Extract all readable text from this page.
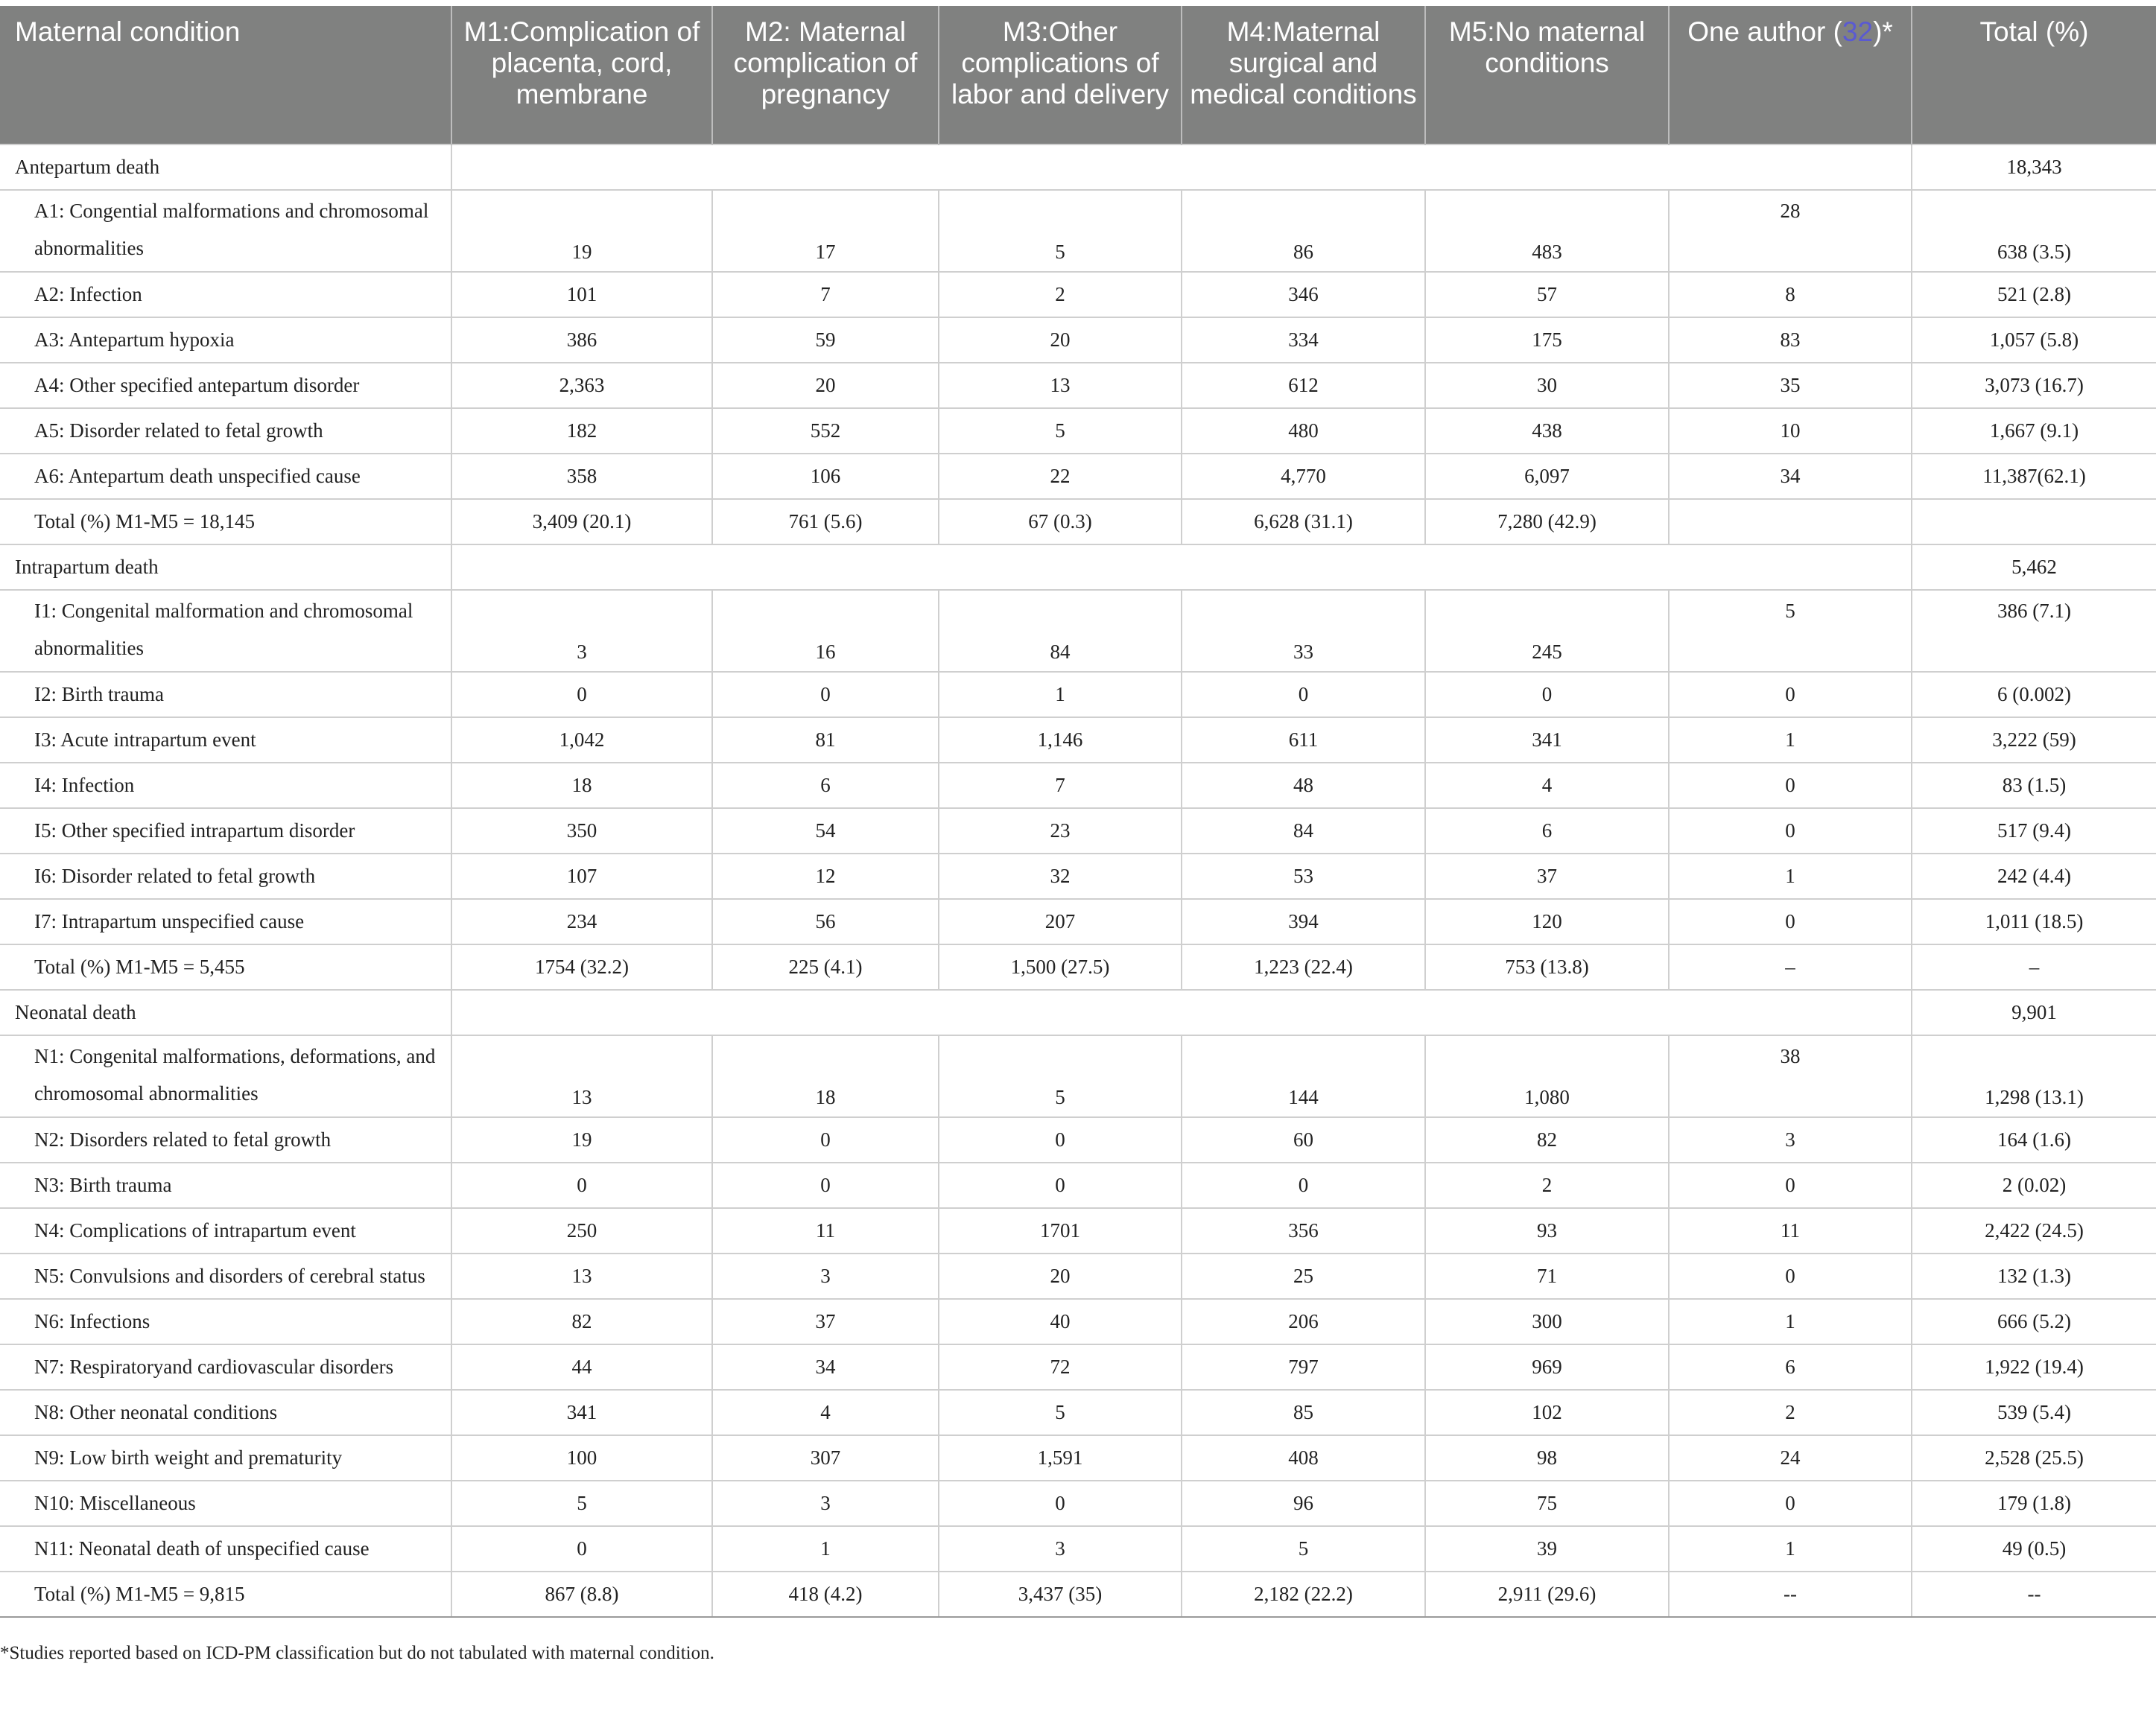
Maternal condition	M1:Complication of placenta, cord, membrane	M2: Maternal complication of pregnancy	M3:Other complications of labor and delivery	M4:Maternal surgical and medical conditions	M5:No maternal conditions	One author (32)*	Total (%)
Antepartum death							18,343
A1: Congential malformations and chromosomal abnormalities	19	17	5	86	483	28	638 (3.5)
A2: Infection	101	7	2	346	57	8	521 (2.8)
A3: Antepartum hypoxia	386	59	20	334	175	83	1,057 (5.8)
A4: Other specified antepartum disorder	2,363	20	13	612	30	35	3,073 (16.7)
A5: Disorder related to fetal growth	182	552	5	480	438	10	1,667 (9.1)
A6: Antepartum death unspecified cause	358	106	22	4,770	6,097	34	11,387(62.1)
Total (%) M1-M5 = 18,145	3,409 (20.1)	761 (5.6)	67 (0.3)	6,628 (31.1)	7,280 (42.9)		
Intrapartum death							5,462
I1: Congenital malformation and chromosomal abnormalities	3	16	84	33	245	5	386 (7.1)
I2: Birth trauma	0	0	1	0	0	0	6 (0.002)
I3: Acute intrapartum event	1,042	81	1,146	611	341	1	3,222 (59)
I4: Infection	18	6	7	48	4	0	83 (1.5)
I5: Other specified intrapartum disorder	350	54	23	84	6	0	517 (9.4)
I6: Disorder related to fetal growth	107	12	32	53	37	1	242 (4.4)
I7: Intrapartum unspecified cause	234	56	207	394	120	0	1,011 (18.5)
Total (%) M1-M5 = 5,455	1754 (32.2)	225 (4.1)	1,500 (27.5)	1,223 (22.4)	753 (13.8)	–	–
Neonatal death							9,901
N1: Congenital malformations, deformations, and chromosomal abnormalities	13	18	5	144	1,080	38	1,298 (13.1)
N2: Disorders related to fetal growth	19	0	0	60	82	3	164 (1.6)
N3: Birth trauma	0	0	0	0	2	0	2 (0.02)
N4: Complications of intrapartum event	250	11	1701	356	93	11	2,422 (24.5)
N5: Convulsions and disorders of cerebral status	13	3	20	25	71	0	132 (1.3)
N6: Infections	82	37	40	206	300	1	666 (5.2)
N7: Respiratoryand cardiovascular disorders	44	34	72	797	969	6	1,922 (19.4)
N8: Other neonatal conditions	341	4	5	85	102	2	539 (5.4)
N9: Low birth weight and prematurity	100	307	1,591	408	98	24	2,528 (25.5)
N10: Miscellaneous	5	3	0	96	75	0	179 (1.8)
N11: Neonatal death of unspecified cause	0	1	3	5	39	1	49 (0.5)
Total (%) M1-M5 = 9,815	867 (8.8)	418 (4.2)	3,437 (35)	2,182 (22.2)	2,911 (29.6)	--	--
*Studies reported based on ICD-PM classification but do not tabulated with maternal condition.
